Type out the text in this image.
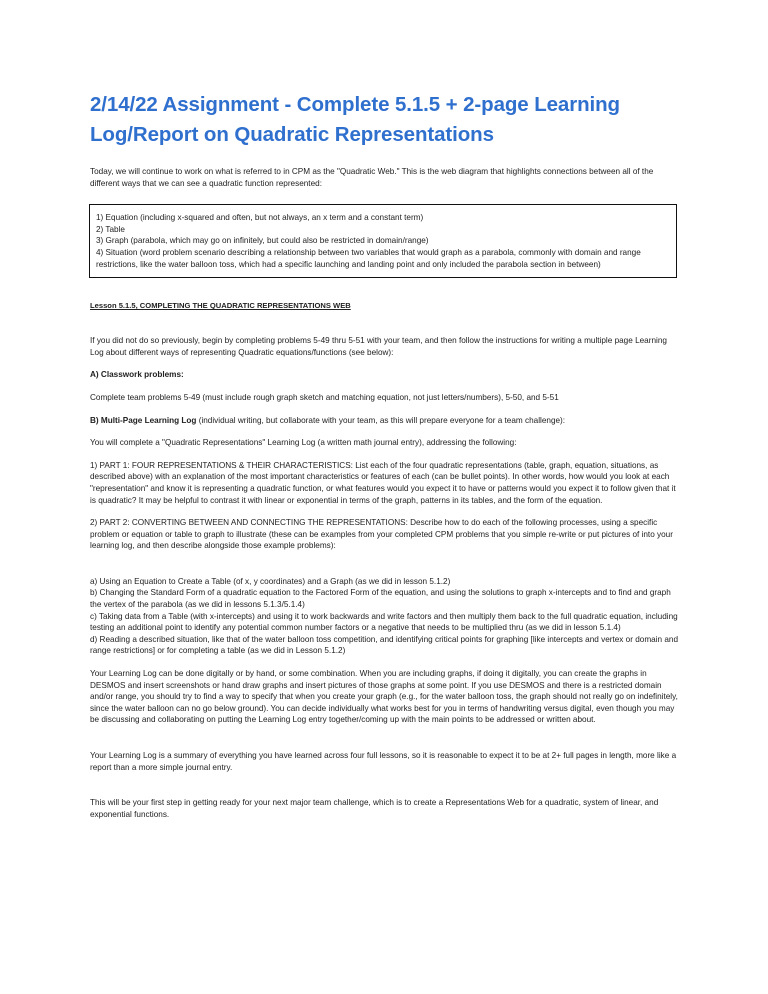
2/14/22 Assignment - Complete 5.1.5 + 2-page Learning Log/Report on Quadratic Representations

Today, we will continue to work on what is referred to in CPM as the "Quadratic Web." This is the web diagram that highlights connections between all of the different ways that we can see a quadratic function represented:

1) Equation (including x-squared and often, but not always, an x term and a constant term)
2) Table
3) Graph (parabola, which may go on infinitely, but could also be restricted in domain/range)
4) Situation (word problem scenario describing a relationship between two variables that would graph as a parabola, commonly with domain and range restrictions, like the water balloon toss, which had a specific launching and landing point and only included the parabola section in between)
Lesson 5.1.5, COMPLETING THE QUADRATIC REPRESENTATIONS WEB

If you did not do so previously, begin by completing problems 5-49 thru 5-51 with your team, and then follow the instructions for writing a multiple page Learning Log about different ways of representing Quadratic equations/functions (see below):

A) Classwork problems:

Complete team problems 5-49 (must include rough graph sketch and matching equation, not just letters/numbers), 5-50, and 5-51

B) Multi-Page Learning Log (individual writing, but collaborate with your team, as this will prepare everyone for a team challenge):

You will complete a "Quadratic Representations" Learning Log (a written math journal entry), addressing the following:

1) PART 1: FOUR REPRESENTATIONS & THEIR CHARACTERISTICS: List each of the four quadratic representations (table, graph, equation, situations, as described above) with an explanation of the most important characteristics or features of each (can be bullet points). In other words, how would you look at each "representation" and know it is representing a quadratic function, or what features would you expect it to have or patterns would you expect it to follow given that it is quadratic? It may be helpful to contrast it with linear or exponential in terms of the graph, patterns in its tables, and the form of the equation.

2) PART 2: CONVERTING BETWEEN AND CONNECTING THE REPRESENTATIONS: Describe how to do each of the following processes, using a specific problem or equation or table to graph to illustrate (these can be examples from your completed CPM problems that you simple re-write or put pictures of into your learning log, and then describe alongside those example problems):

a) Using an Equation to Create a Table (of x, y coordinates) and a Graph (as we did in lesson 5.1.2)
b) Changing the Standard Form of a quadratic equation to the Factored Form of the equation, and using the solutions to graph x-intercepts and to find and graph the vertex of the parabola (as we did in lessons 5.1.3/5.1.4)
c) Taking data from a Table (with x-intercepts) and using it to work backwards and write factors and then multiply them back to the full quadratic equation, including testing an additional point to identify any potential common number factors or a negative that needs to be multiplied thru (as we did in lesson 5.1.4)
d) Reading a described situation, like that of the water balloon toss competition, and identifying critical points for graphing [like intercepts and vertex or domain and range restrictions] or for completing a table (as we did in Lesson 5.1.2)

Your Learning Log can be done digitally or by hand, or some combination. When you are including graphs, if doing it digitally, you can create the graphs in DESMOS and insert screenshots or hand draw graphs and insert pictures of those graphs at some point. If you use DESMOS and there is a restricted domain and/or range, you should try to find a way to specify that when you create your graph (e.g., for the water balloon toss, the graph should not really go on indefinitely, since the water balloon can no go below ground). You can decide individually what works best for you in terms of handwriting versus digital, even though you may be discussing and collaborating on putting the Learning Log entry together/coming up with the main points to be addressed or written about.

Your Learning Log is a summary of everything you have learned across four full lessons, so it is reasonable to expect it to be at 2+ full pages in length, more like a report than a more simple journal entry.

This will be your first step in getting ready for your next major team challenge, which is to create a Representations Web for a quadratic, system of linear, and exponential functions.
